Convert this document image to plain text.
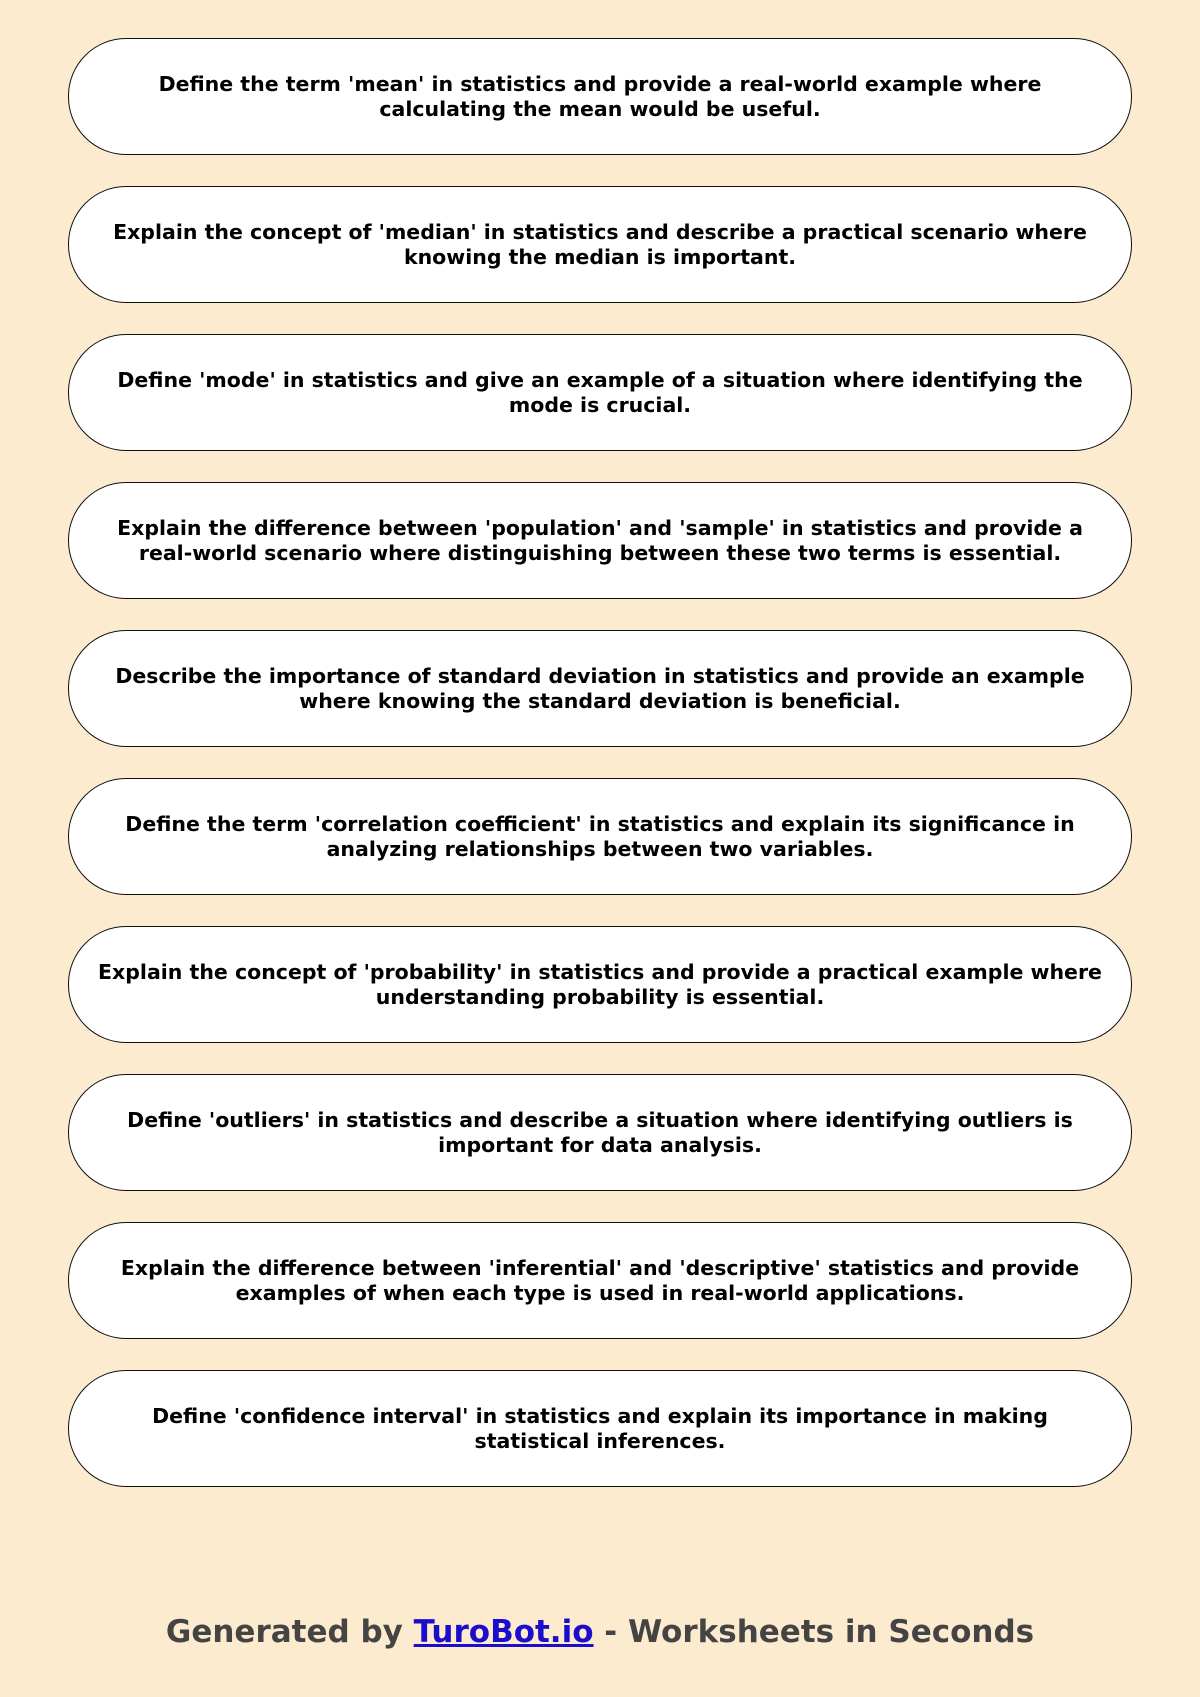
Define the term 'mean' in statistics and provide a real-world example where calculating the mean would be useful.
Explain the concept of 'median' in statistics and describe a practical scenario where knowing the median is important.
Define 'mode' in statistics and give an example of a situation where identifying the mode is crucial.
Explain the difference between 'population' and 'sample' in statistics and provide a real-world scenario where distinguishing between these two terms is essential.
Describe the importance of standard deviation in statistics and provide an example where knowing the standard deviation is beneficial.
Define the term 'correlation coefficient' in statistics and explain its significance in analyzing relationships between two variables.
Explain the concept of 'probability' in statistics and provide a practical example where understanding probability is essential.
Define 'outliers' in statistics and describe a situation where identifying outliers is important for data analysis.
Explain the difference between 'inferential' and 'descriptive' statistics and provide examples of when each type is used in real-world applications.
Define 'confidence interval' in statistics and explain its importance in making statistical inferences.
Generated by TuroBot.io - Worksheets in Seconds
